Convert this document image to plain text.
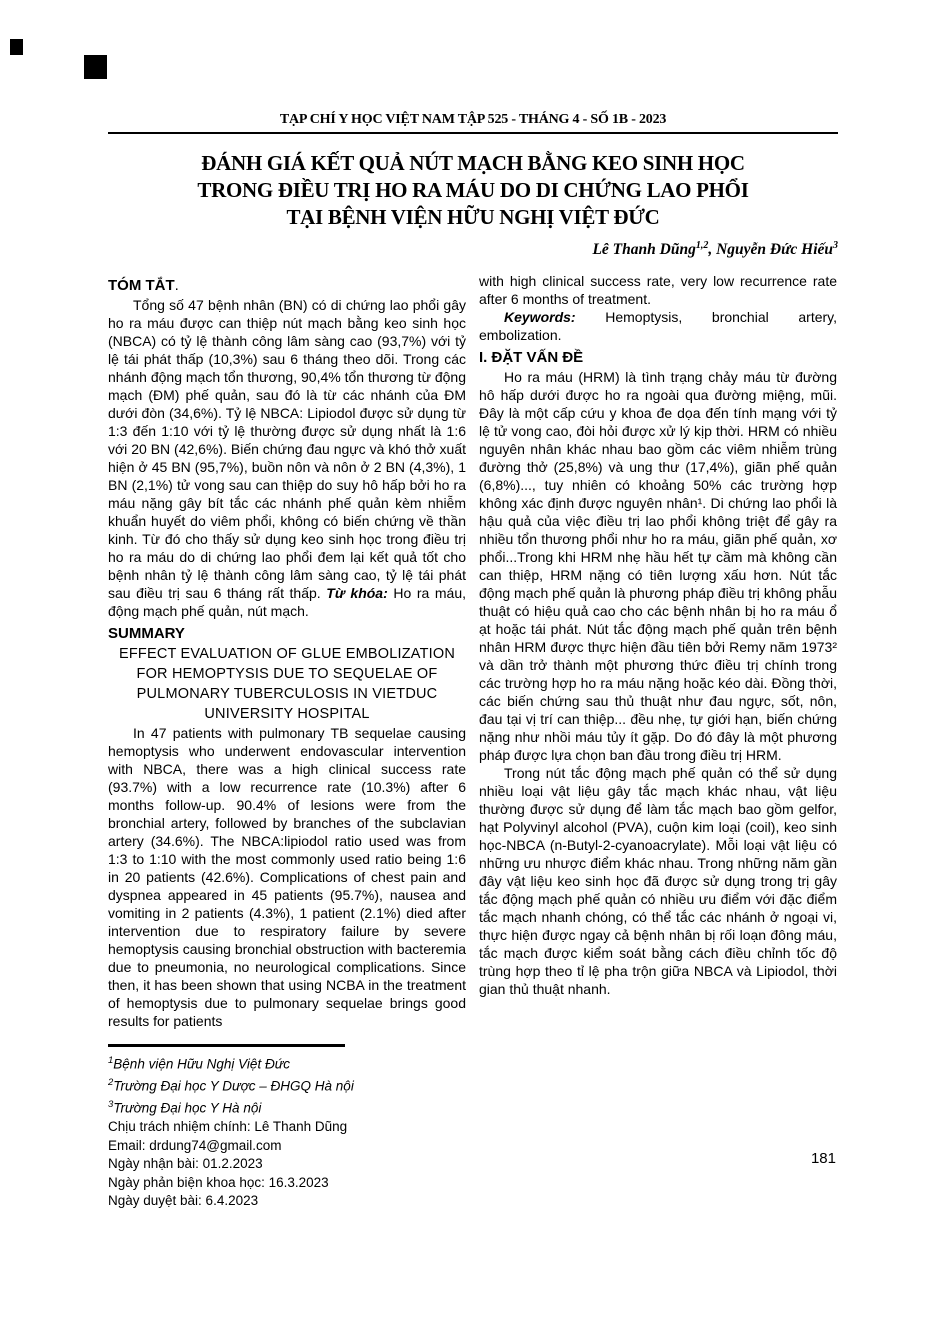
TẠP CHÍ Y HỌC VIỆT NAM TẬP 525 - THÁNG 4 - SỐ 1B - 2023
ĐÁNH GIÁ KẾT QUẢ NÚT MẠCH BẰNG KEO SINH HỌC
TRONG ĐIỀU TRỊ HO RA MÁU DO DI CHỨNG LAO PHỔI
TẠI BỆNH VIỆN HỮU NGHỊ VIỆT ĐỨC
Lê Thanh Dũng$^{1,2}$, Nguyễn Đức Hiếu$^3$
TÓM TẮT.

Tổng số 47 bệnh nhân (BN) có di chứng lao phổi gây ho ra máu được can thiệp nút mạch bằng keo sinh học (NBCA) có tỷ lệ thành công lâm sàng cao (93,7%) với tỷ lệ tái phát thấp (10,3%) sau 6 tháng theo dõi. Trong các nhánh động mạch tổn thương, 90,4% tổn thương từ động mạch (ĐM) phế quản, sau đó là từ các nhánh của ĐM dưới đòn (34,6%). Tỷ lệ NBCA: Lipiodol được sử dụng từ 1:3 đến 1:10 với tỷ lệ thường được sử dụng nhất là 1:6 với 20 BN (42,6%). Biến chứng đau ngực và khó thở xuất hiện ở 45 BN (95,7%), buồn nôn và nôn ở 2 BN (4,3%), 1 BN (2,1%) tử vong sau can thiệp do suy hô hấp bởi ho ra máu nặng gây bít tắc các nhánh phế quản kèm nhiễm khuẩn huyết do viêm phổi, không có biến chứng về thần kinh. Từ đó cho thấy sử dụng keo sinh học trong điều trị ho ra máu do di chứng lao phổi đem lại kết quả tốt cho bệnh nhân tỷ lệ thành công lâm sàng cao, tỷ lệ tái phát sau điều trị sau 6 tháng rất thấp. Từ khóa: Ho ra máu, động mạch phế quản, nút mạch.

SUMMARY

EFFECT EVALUATION OF GLUE EMBOLIZATION FOR HEMOPTYSIS DUE TO SEQUELAE OF PULMONARY TUBERCULOSIS IN VIETDUC UNIVERSITY HOSPITAL

In 47 patients with pulmonary TB sequelae causing hemoptysis who underwent endovascular intervention with NBCA, there was a high clinical success rate (93.7%) with a low recurrence rate (10.3%) after 6 months follow-up. 90.4% of lesions were from the bronchial artery, followed by branches of the subclavian artery (34.6%). The NBCA:lipiodol ratio used was from 1:3 to 1:10 with the most commonly used ratio being 1:6 in 20 patients (42.6%). Complications of chest pain and dyspnea appeared in 45 patients (95.7%), nausea and vomiting in 2 patients (4.3%), 1 patient (2.1%) died after intervention due to respiratory failure by severe hemoptysis causing bronchial obstruction with bacteremia due to pneumonia, no neurological complications. Since then, it has been shown that using NCBA in the treatment of hemoptysis due to pulmonary sequelae brings good results for patients

$^1$Bệnh viện Hữu Nghị Việt Đức

$^2$Trường Đại học Y Dược – ĐHGQ Hà nội

$^3$Trường Đại học Y Hà nội

Chịu trách nhiệm chính: Lê Thanh Dũng

Email: drdung74@gmail.com

Ngày nhận bài: 01.2.2023

Ngày phản biện khoa học: 16.3.2023

Ngày duyệt bài: 6.4.2023

with high clinical success rate, very low recurrence rate after 6 months of treatment.

Keywords: Hemoptysis, bronchial artery, embolization.

I. ĐẶT VẤN ĐỀ

Ho ra máu (HRM) là tình trạng chảy máu từ đường hô hấp dưới được ho ra ngoài qua đường miệng, mũi. Đây là một cấp cứu y khoa đe dọa đến tính mạng với tỷ lệ tử vong cao, đòi hỏi được xử lý kịp thời. HRM có nhiều nguyên nhân khác nhau bao gồm các viêm nhiễm trùng đường thở (25,8%) và ung thư (17,4%), giãn phế quản (6,8%)..., tuy nhiên có khoảng 50% các trường hợp không xác định được nguyên nhân¹. Di chứng lao phổi là hậu quả của việc điều trị lao phổi không triệt để gây ra nhiều tổn thương phổi như ho ra máu, giãn phế quản, xơ phổi...Trong khi HRM nhẹ hầu hết tự cầm mà không cần can thiệp, HRM nặng có tiên lượng xấu hơn. Nút tắc động mạch phế quản là phương pháp điều trị không phẫu thuật có hiệu quả cao cho các bệnh nhân bị ho ra máu ổ ạt hoặc tái phát. Nút tắc động mạch phế quản trên bệnh nhân HRM được thực hiện đầu tiên bởi Remy năm 1973² và dần trở thành một phương thức điều trị chính trong các trường hợp ho ra máu nặng hoặc kéo dài. Đồng thời, các biến chứng sau thủ thuật như đau ngực, sốt, nôn, đau tại vị trí can thiệp... đều nhẹ, tự giới hạn, biến chứng nặng như nhồi máu tủy ít gặp. Do đó đây là một phương pháp được lựa chọn ban đầu trong điều trị HRM.

Trong nút tắc động mạch phế quản có thể sử dụng nhiều loại vật liệu gây tắc mạch khác nhau, vật liệu thường được sử dụng để làm tắc mạch bao gồm gelfor, hạt Polyvinyl alcohol (PVA), cuộn kim loại (coil), keo sinh học-NBCA (n-Butyl-2-cyanoacrylate). Mỗi loại vật liệu có những ưu nhược điểm khác nhau. Trong những năm gần đây vật liệu keo sinh học đã được sử dụng trong trị gây tắc động mạch phế quản có nhiều ưu điểm với đặc điểm tắc mạch nhanh chóng, có thể tắc các nhánh ở ngoại vi, thực hiện được ngay cả bệnh nhân bị rối loạn đông máu, tắc mạch được kiểm soát bằng cách điều chỉnh tốc độ trùng hợp theo tỉ lệ pha trộn giữa NBCA và Lipiodol, thời gian thủ thuật nhanh.

181
